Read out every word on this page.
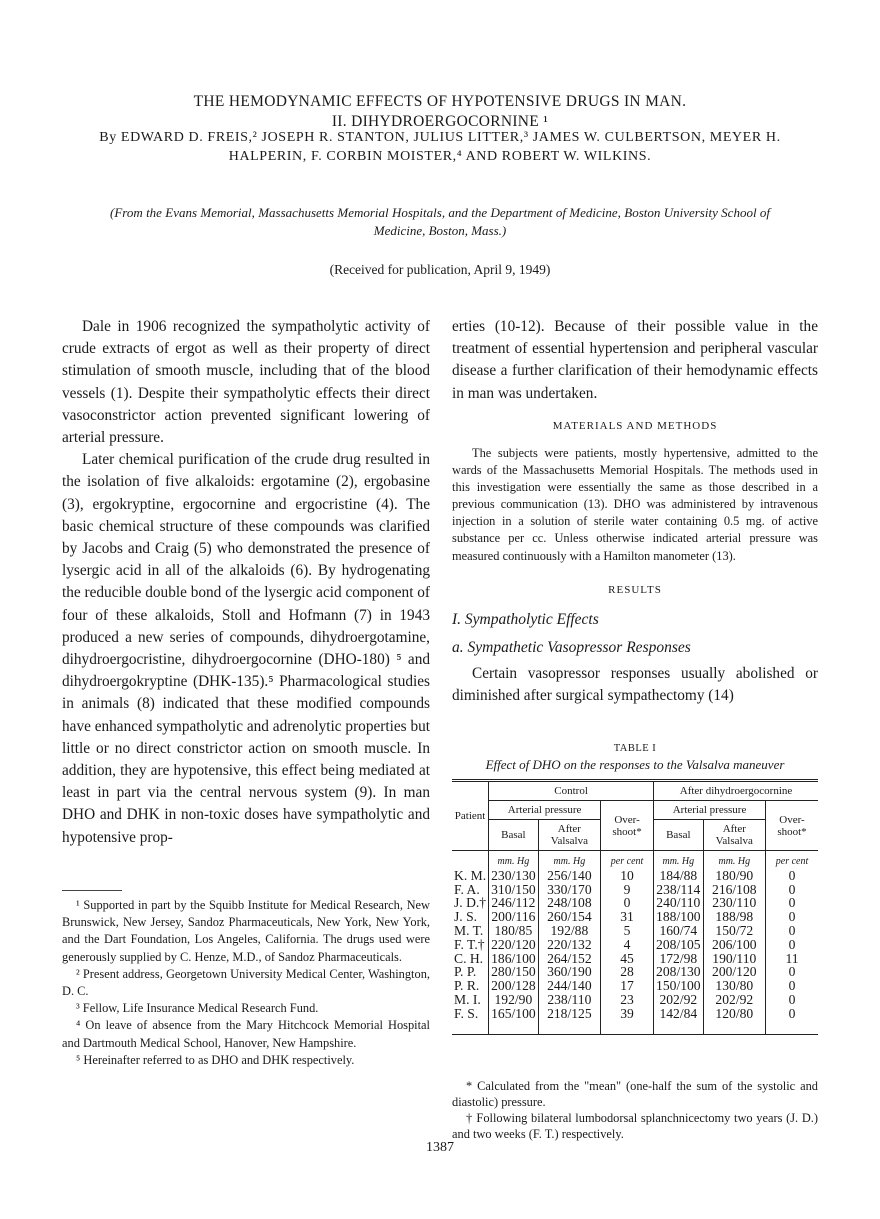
THE HEMODYNAMIC EFFECTS OF HYPOTENSIVE DRUGS IN MAN.
II. DIHYDROERGOCORNINE ¹
By EDWARD D. FREIS,² JOSEPH R. STANTON, JULIUS LITTER,³ JAMES W. CULBERTSON, MEYER H. HALPERIN, F. CORBIN MOISTER,⁴ AND ROBERT W. WILKINS.
(From the Evans Memorial, Massachusetts Memorial Hospitals, and the Department of Medicine, Boston University School of Medicine, Boston, Mass.)
(Received for publication, April 9, 1949)

Dale in 1906 recognized the sympatholytic activity of crude extracts of ergot as well as their property of direct stimulation of smooth muscle, including that of the blood vessels (1). Despite their sympatholytic effects their direct vasoconstrictor action prevented significant lowering of arterial pressure.

Later chemical purification of the crude drug resulted in the isolation of five alkaloids: ergotamine (2), ergobasine (3), ergokryptine, ergocornine and ergocristine (4). The basic chemical structure of these compounds was clarified by Jacobs and Craig (5) who demonstrated the presence of lysergic acid in all of the alkaloids (6). By hydrogenating the reducible double bond of the lysergic acid component of four of these alkaloids, Stoll and Hofmann (7) in 1943 produced a new series of compounds, dihydroergotamine, dihydroergocristine, dihydroergocornine (DHO-180) ⁵ and dihydroergokryptine (DHK-135).⁵ Pharmacological studies in animals (8) indicated that these modified compounds have enhanced sympatholytic and adrenolytic properties but little or no direct constrictor action on smooth muscle. In addition, they are hypotensive, this effect being mediated at least in part via the central nervous system (9). In man DHO and DHK in non-toxic doses have sympatholytic and hypotensive prop-

¹ Supported in part by the Squibb Institute for Medical Research, New Brunswick, New Jersey, Sandoz Pharmaceuticals, New York, New York, and the Dart Foundation, Los Angeles, California. The drugs used were generously supplied by C. Henze, M.D., of Sandoz Pharmaceuticals.

² Present address, Georgetown University Medical Center, Washington, D. C.

³ Fellow, Life Insurance Medical Research Fund.

⁴ On leave of absence from the Mary Hitchcock Memorial Hospital and Dartmouth Medical School, Hanover, New Hampshire.

⁵ Hereinafter referred to as DHO and DHK respectively.

erties (10-12). Because of their possible value in the treatment of essential hypertension and peripheral vascular disease a further clarification of their hemodynamic effects in man was undertaken.

MATERIALS AND METHODS

The subjects were patients, mostly hypertensive, admitted to the wards of the Massachusetts Memorial Hospitals. The methods used in this investigation were essentially the same as those described in a previous communication (13). DHO was administered by intravenous injection in a solution of sterile water containing 0.5 mg. of active substance per cc. Unless otherwise indicated arterial pressure was measured continuously with a Hamilton manometer (13).

RESULTS
I. Sympatholytic Effects
a. Sympathetic Vasopressor Responses

Certain vasopressor responses usually abolished or diminished after surgical sympathectomy (14)

TABLE I
Effect of DHO on the responses to the Valsalva maneuver
Patient	Control			After dihydroergocornine		
	Arterial pressure		Over-shoot*	Arterial pressure		Over-shoot*
	Basal	After Valsalva		Basal	After Valsalva	
	mm. Hg	mm. Hg	per cent	mm. Hg	mm. Hg	per cent
K. M.	230/130	256/140	10	184/88	180/90	0
F. A.	310/150	330/170	9	238/114	216/108	0
J. D.†	246/112	248/108	0	240/110	230/110	0
J. S.	200/116	260/154	31	188/100	188/98	0
M. T.	180/85	192/88	5	160/74	150/72	0
F. T.†	220/120	220/132	4	208/105	206/100	0
C. H.	186/100	264/152	45	172/98	190/110	11
P. P.	280/150	360/190	28	208/130	200/120	0
P. R.	200/128	244/140	17	150/100	130/80	0
M. I.	192/90	238/110	23	202/92	202/92	0
F. S.	165/100	218/125	39	142/84	120/80	0

* Calculated from the "mean" (one-half the sum of the systolic and diastolic) pressure.

† Following bilateral lumbodorsal splanchnicectomy two years (J. D.) and two weeks (F. T.) respectively.

1387
